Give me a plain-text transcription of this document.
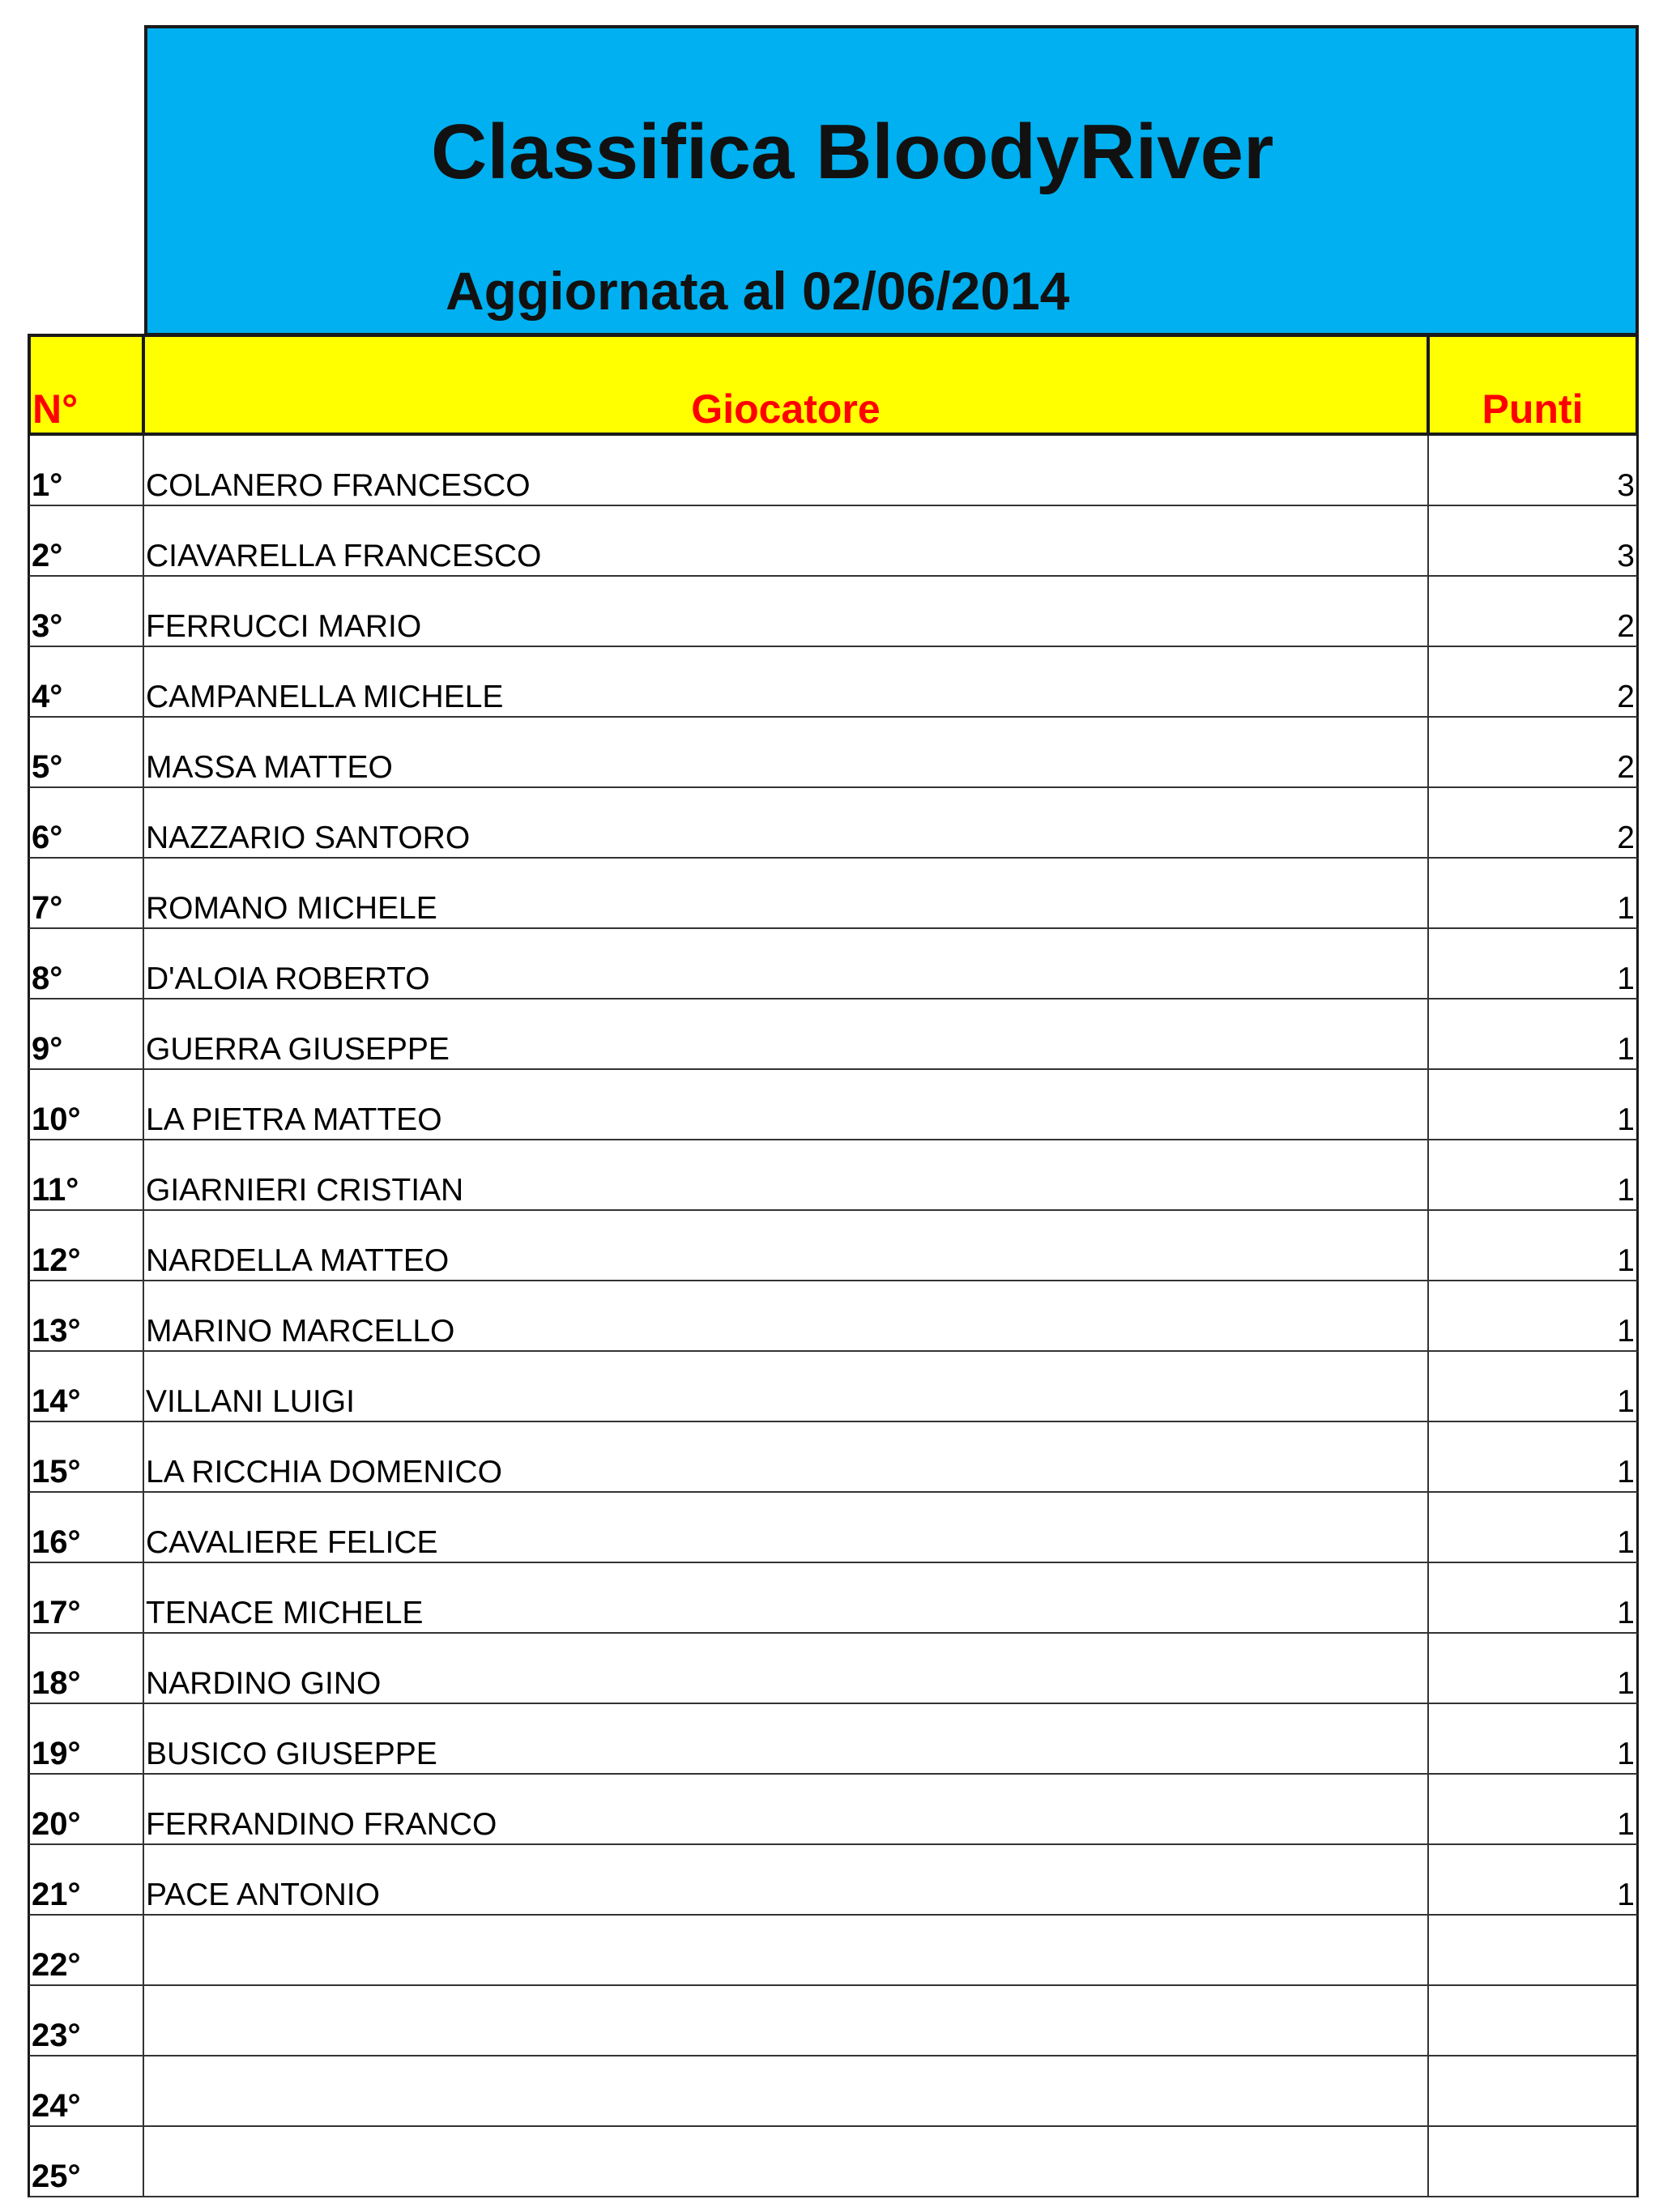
Classifica BloodyRiver
Aggiornata al 02/06/2014
N°	Giocatore	Punti
1°	COLANERO FRANCESCO	3
2°	CIAVARELLA FRANCESCO	3
3°	FERRUCCI MARIO	2
4°	CAMPANELLA MICHELE	2
5°	MASSA MATTEO	2
6°	NAZZARIO SANTORO	2
7°	ROMANO MICHELE	1
8°	D'ALOIA ROBERTO	1
9°	GUERRA GIUSEPPE	1
10° LA PIETRA MATTEO	1
11° GIARNIERI CRISTIAN	1
12° NARDELLA MATTEO	1
13° MARINO MARCELLO	1
14° VILLANI LUIGI	1
15° LA RICCHIA DOMENICO	1
16° CAVALIERE FELICE	1
17° TENACE MICHELE	1
18° NARDINO GINO	1
19° BUSICO GIUSEPPE	1
20° FERRANDINO FRANCO	1
21° PACE ANTONIO	1
22°
23°
24°
25°
